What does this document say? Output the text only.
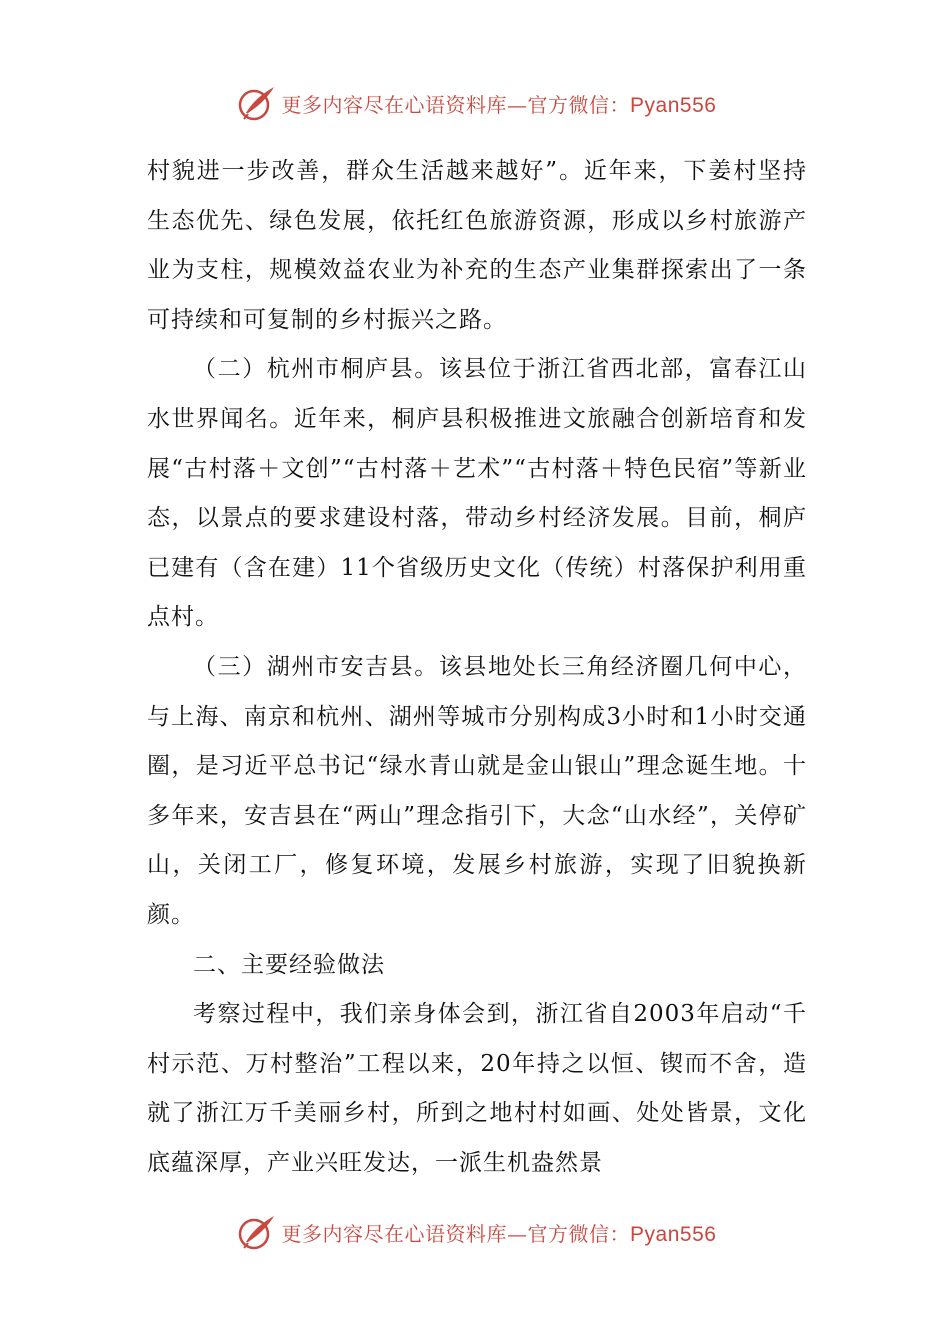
更多内容尽在心语资料库—官方微信：Pyan556

村貌进一步改善，群众生活越来越好”。近年来，下姜村坚持生态优先、绿色发展，依托红色旅游资源，形成以乡村旅游产业为支柱，规模效益农业为补充的生态产业集群探索出了一条可持续和可复制的乡村振兴之路。

（二）杭州市桐庐县。该县位于浙江省西北部，富春江山水世界闻名。近年来，桐庐县积极推进文旅融合创新培育和发展“古村落＋文创”“古村落＋艺术”“古村落＋特色民宿”等新业态，以景点的要求建设村落，带动乡村经济发展。目前，桐庐已建有（含在建）11个省级历史文化（传统）村落保护利用重点村。

（三）湖州市安吉县。该县地处长三角经济圈几何中心，与上海、南京和杭州、湖州等城市分别构成3小时和1小时交通圈，是习近平总书记“绿水青山就是金山银山”理念诞生地。十多年来，安吉县在“两山”理念指引下，大念“山水经”，关停矿山，关闭工厂，修复环境，发展乡村旅游，实现了旧貌换新颜。

二、主要经验做法

考察过程中，我们亲身体会到，浙江省自2003年启动“千村示范、万村整治”工程以来，20年持之以恒、锲而不舍，造就了浙江万千美丽乡村，所到之地村村如画、处处皆景，文化底蕴深厚，产业兴旺发达，一派生机盎然景

更多内容尽在心语资料库—官方微信：Pyan556
